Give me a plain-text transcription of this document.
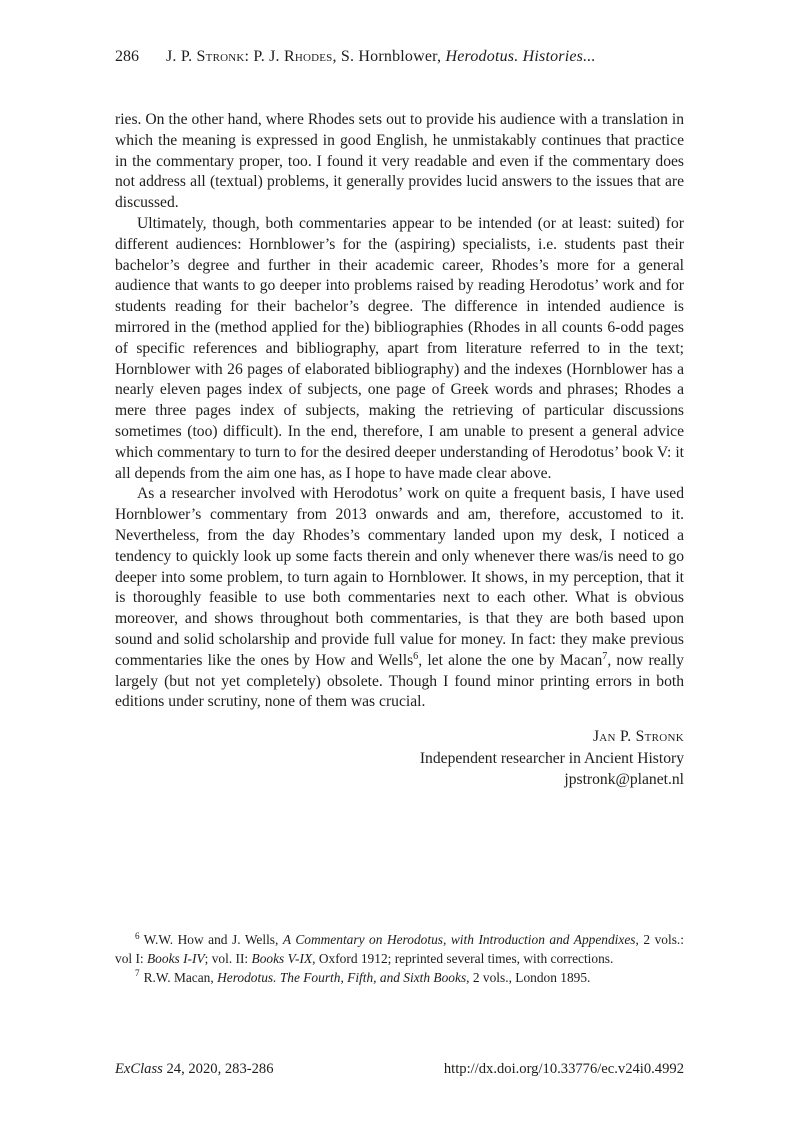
286 J. P. Stronk: P. J. Rhodes, S. Hornblower, Herodotus. Histories...

ries. On the other hand, where Rhodes sets out to provide his audience with a translation in which the meaning is expressed in good English, he unmistakably continues that practice in the commentary proper, too. I found it very readable and even if the commentary does not address all (textual) problems, it generally provides lucid answers to the issues that are discussed.

Ultimately, though, both commentaries appear to be intended (or at least: suited) for different audiences: Hornblower’s for the (aspiring) specialists, i.e. students past their bachelor’s degree and further in their academic career, Rhodes’s more for a general audience that wants to go deeper into problems raised by reading Herodotus’ work and for students reading for their bachelor’s degree. The difference in intended audience is mirrored in the (method applied for the) bibliographies (Rhodes in all counts 6-odd pages of specific references and bibliography, apart from literature referred to in the text; Hornblower with 26 pages of elaborated bibliography) and the indexes (Hornblower has a nearly eleven pages index of subjects, one page of Greek words and phrases; Rhodes a mere three pages index of subjects, making the retrieving of particular discussions sometimes (too) difficult). In the end, therefore, I am unable to present a general advice which commentary to turn to for the desired deeper understanding of Herodotus’ book V: it all depends from the aim one has, as I hope to have made clear above.

As a researcher involved with Herodotus’ work on quite a frequent basis, I have used Hornblower’s commentary from 2013 onwards and am, therefore, accustomed to it. Nevertheless, from the day Rhodes’s commentary landed upon my desk, I noticed a tendency to quickly look up some facts therein and only whenever there was/is need to go deeper into some problem, to turn again to Hornblower. It shows, in my perception, that it is thoroughly feasible to use both commentaries next to each other. What is obvious moreover, and shows throughout both commentaries, is that they are both based upon sound and solid scholarship and provide full value for money. In fact: they make previous commentaries like the ones by How and Wells$^6$, let alone the one by Macan$^7$, now really largely (but not yet completely) obsolete. Though I found minor printing errors in both editions under scrutiny, none of them was crucial.

Jan P. Stronk
Independent researcher in Ancient History
jpstronk@planet.nl

$^6$ W.W. How and J. Wells, A Commentary on Herodotus, with Introduction and Appendixes, 2 vols.: vol I: Books I-IV; vol. II: Books V-IX, Oxford 1912; reprinted several times, with corrections.

$^7$ R.W. Macan, Herodotus. The Fourth, Fifth, and Sixth Books, 2 vols., London 1895.

ExClass 24, 2020, 283-286	http://dx.doi.org/10.33776/ec.v24i0.4992
